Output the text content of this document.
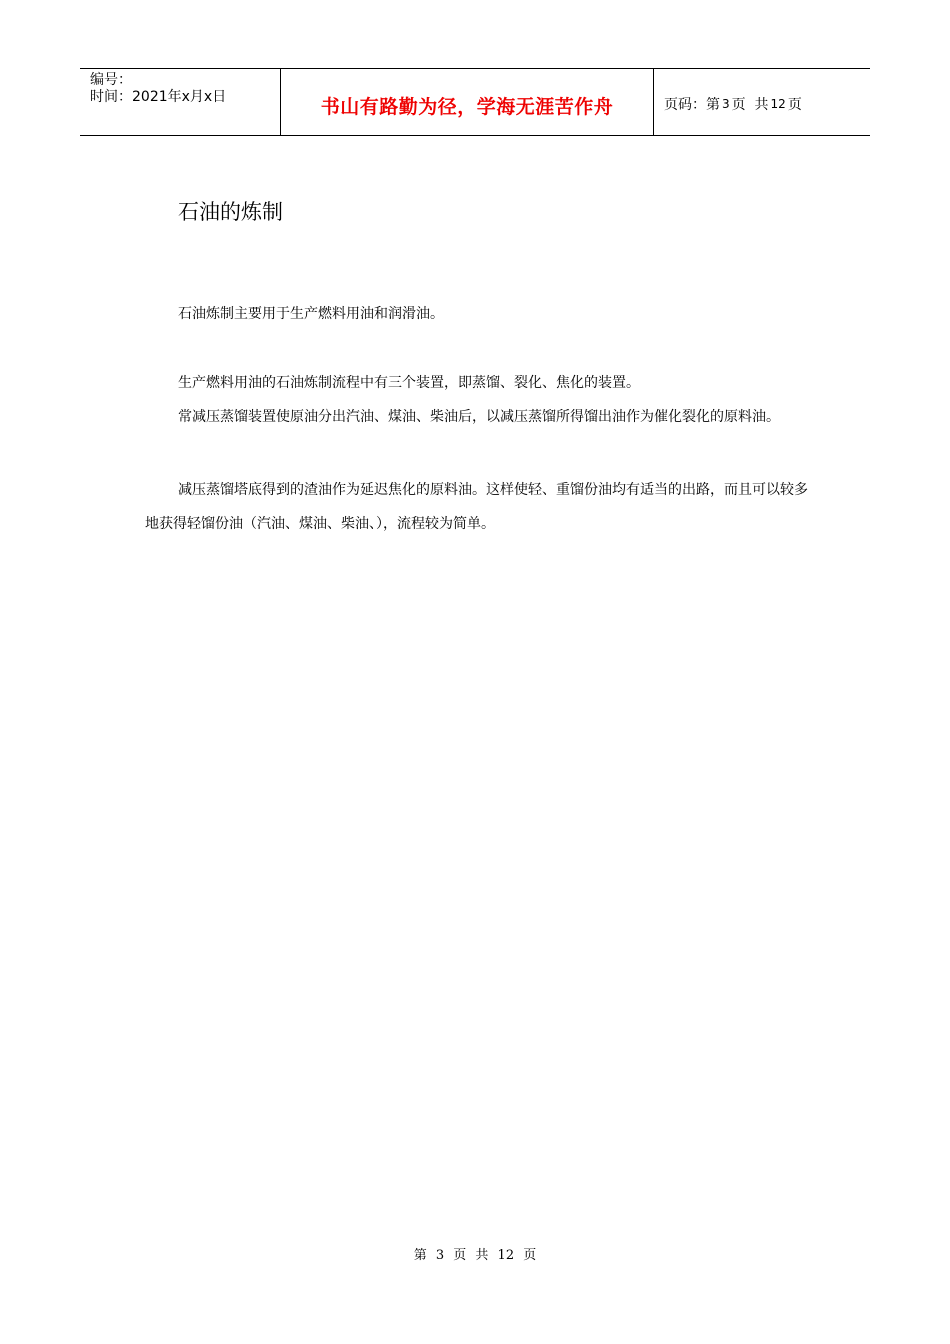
编号：
时间：2021年x月x日	书山有路勤为径，学海无涯苦作舟	页码：第 3 页  共 12 页
石油的炼制

石油炼制主要用于生产燃料用油和润滑油。

生产燃料用油的石油炼制流程中有三个装置，即蒸馏、裂化、焦化的装置。

常减压蒸馏装置使原油分出汽油、煤油、柴油后，以减压蒸馏所得馏出油作为催化裂化的原料油。

减压蒸馏塔底得到的渣油作为延迟焦化的原料油。这样使轻、重馏份油均有适当的出路，而且可以较多地获得轻馏份油（汽油、煤油、柴油、），流程较为简单。

第 3 页 共 12 页
